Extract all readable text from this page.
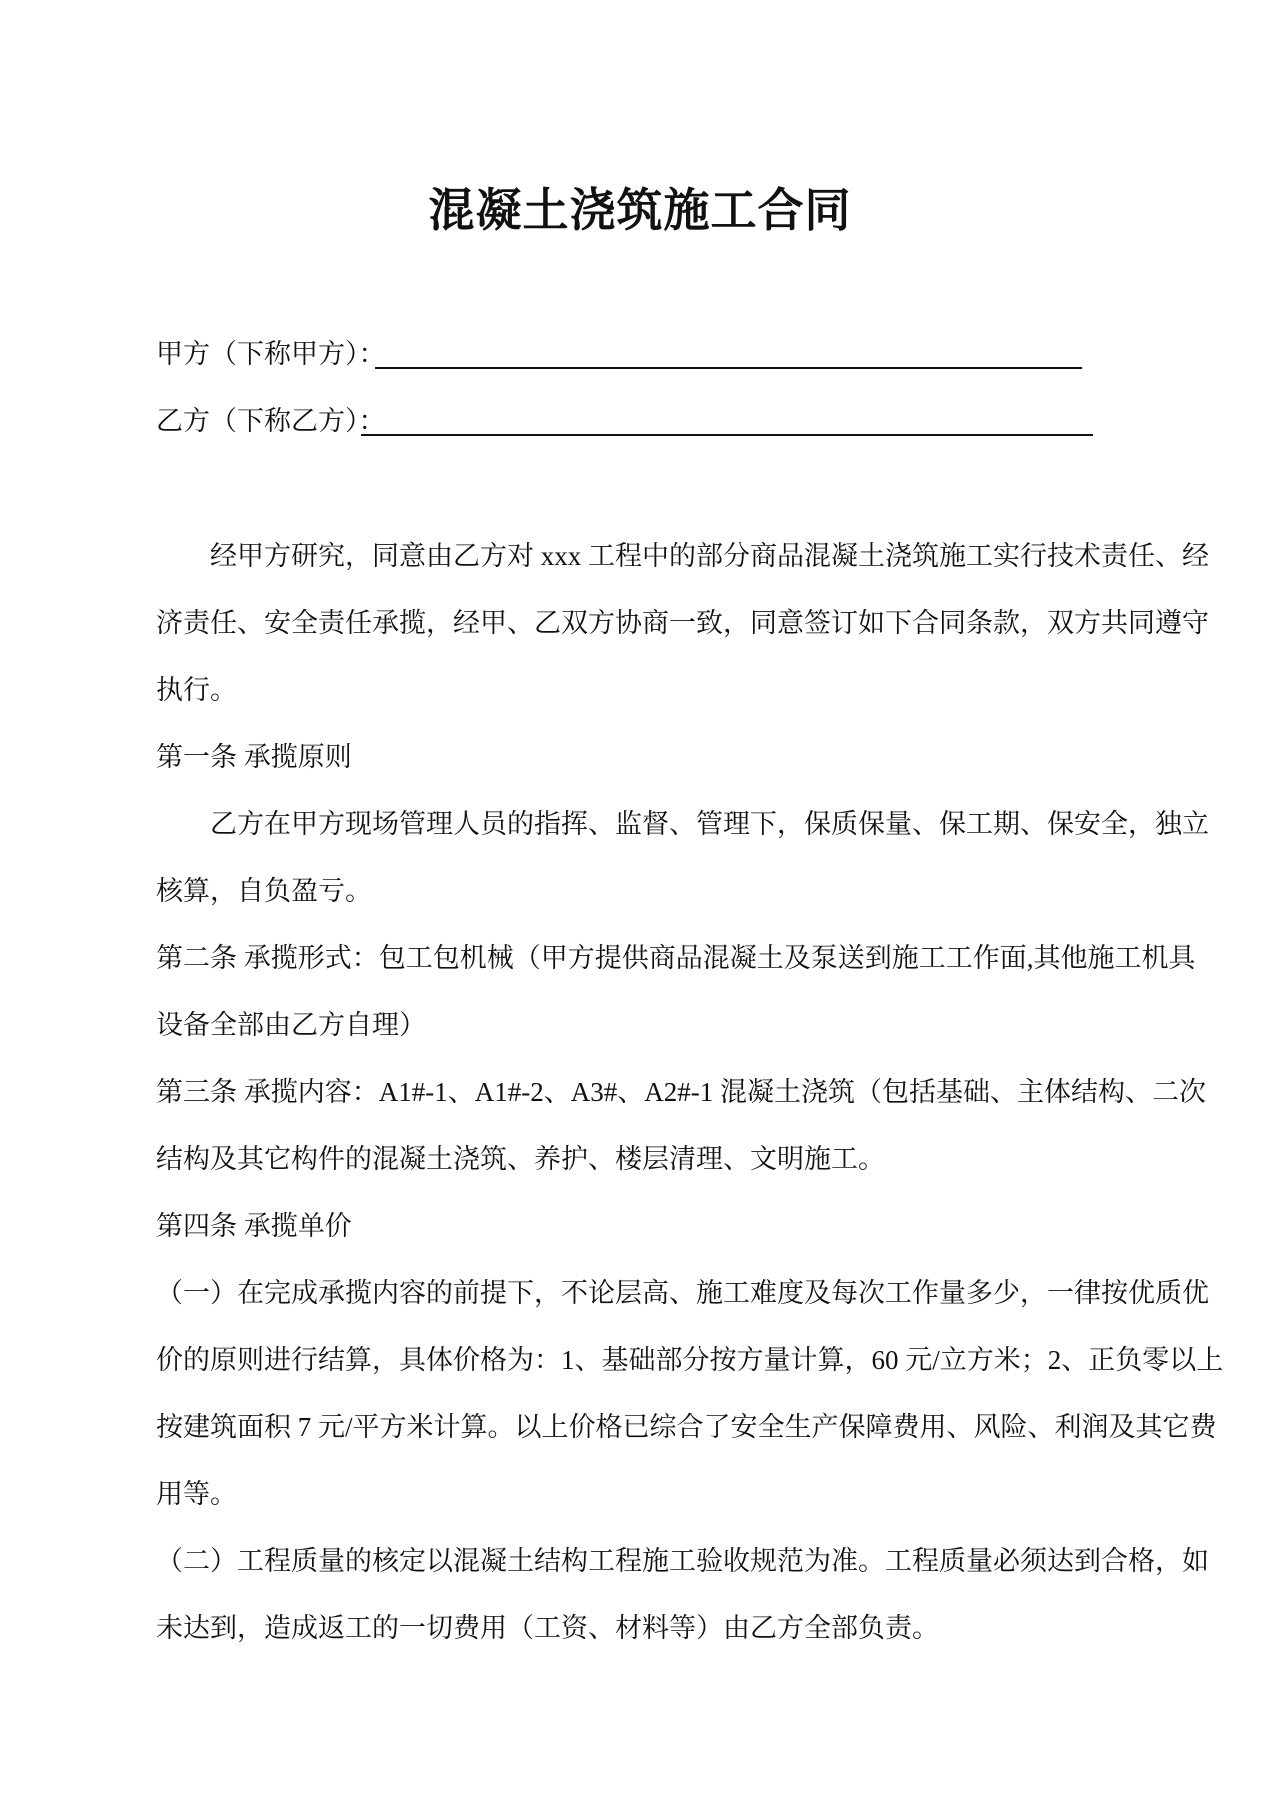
混凝土浇筑施工合同
甲方（下称甲方）：
乙方（下称乙方）：
经甲方研究，同意由乙方对 xxx 工程中的部分商品混凝土浇筑施工实行技术责任、经
济责任、安全责任承揽，经甲、乙双方协商一致，同意签订如下合同条款，双方共同遵守
执行。
第一条 承揽原则
乙方在甲方现场管理人员的指挥、监督、管理下，保质保量、保工期、保安全，独立
核算，自负盈亏。
第二条 承揽形式：包工包机械（甲方提供商品混凝土及泵送到施工工作面,其他施工机具
设备全部由乙方自理）
第三条 承揽内容：A1#-1、A1#-2、A3#、A2#-1 混凝土浇筑（包括基础、主体结构、二次
结构及其它构件的混凝土浇筑、养护、楼层清理、文明施工。
第四条 承揽单价
（一）在完成承揽内容的前提下，不论层高、施工难度及每次工作量多少，一律按优质优
价的原则进行结算，具体价格为：1、基础部分按方量计算，60 元/立方米；2、正负零以上
按建筑面积 7 元/平方米计算。以上价格已综合了安全生产保障费用、风险、利润及其它费
用等。
（二）工程质量的核定以混凝土结构工程施工验收规范为准。工程质量必须达到合格，如
未达到，造成返工的一切费用（工资、材料等）由乙方全部负责。
